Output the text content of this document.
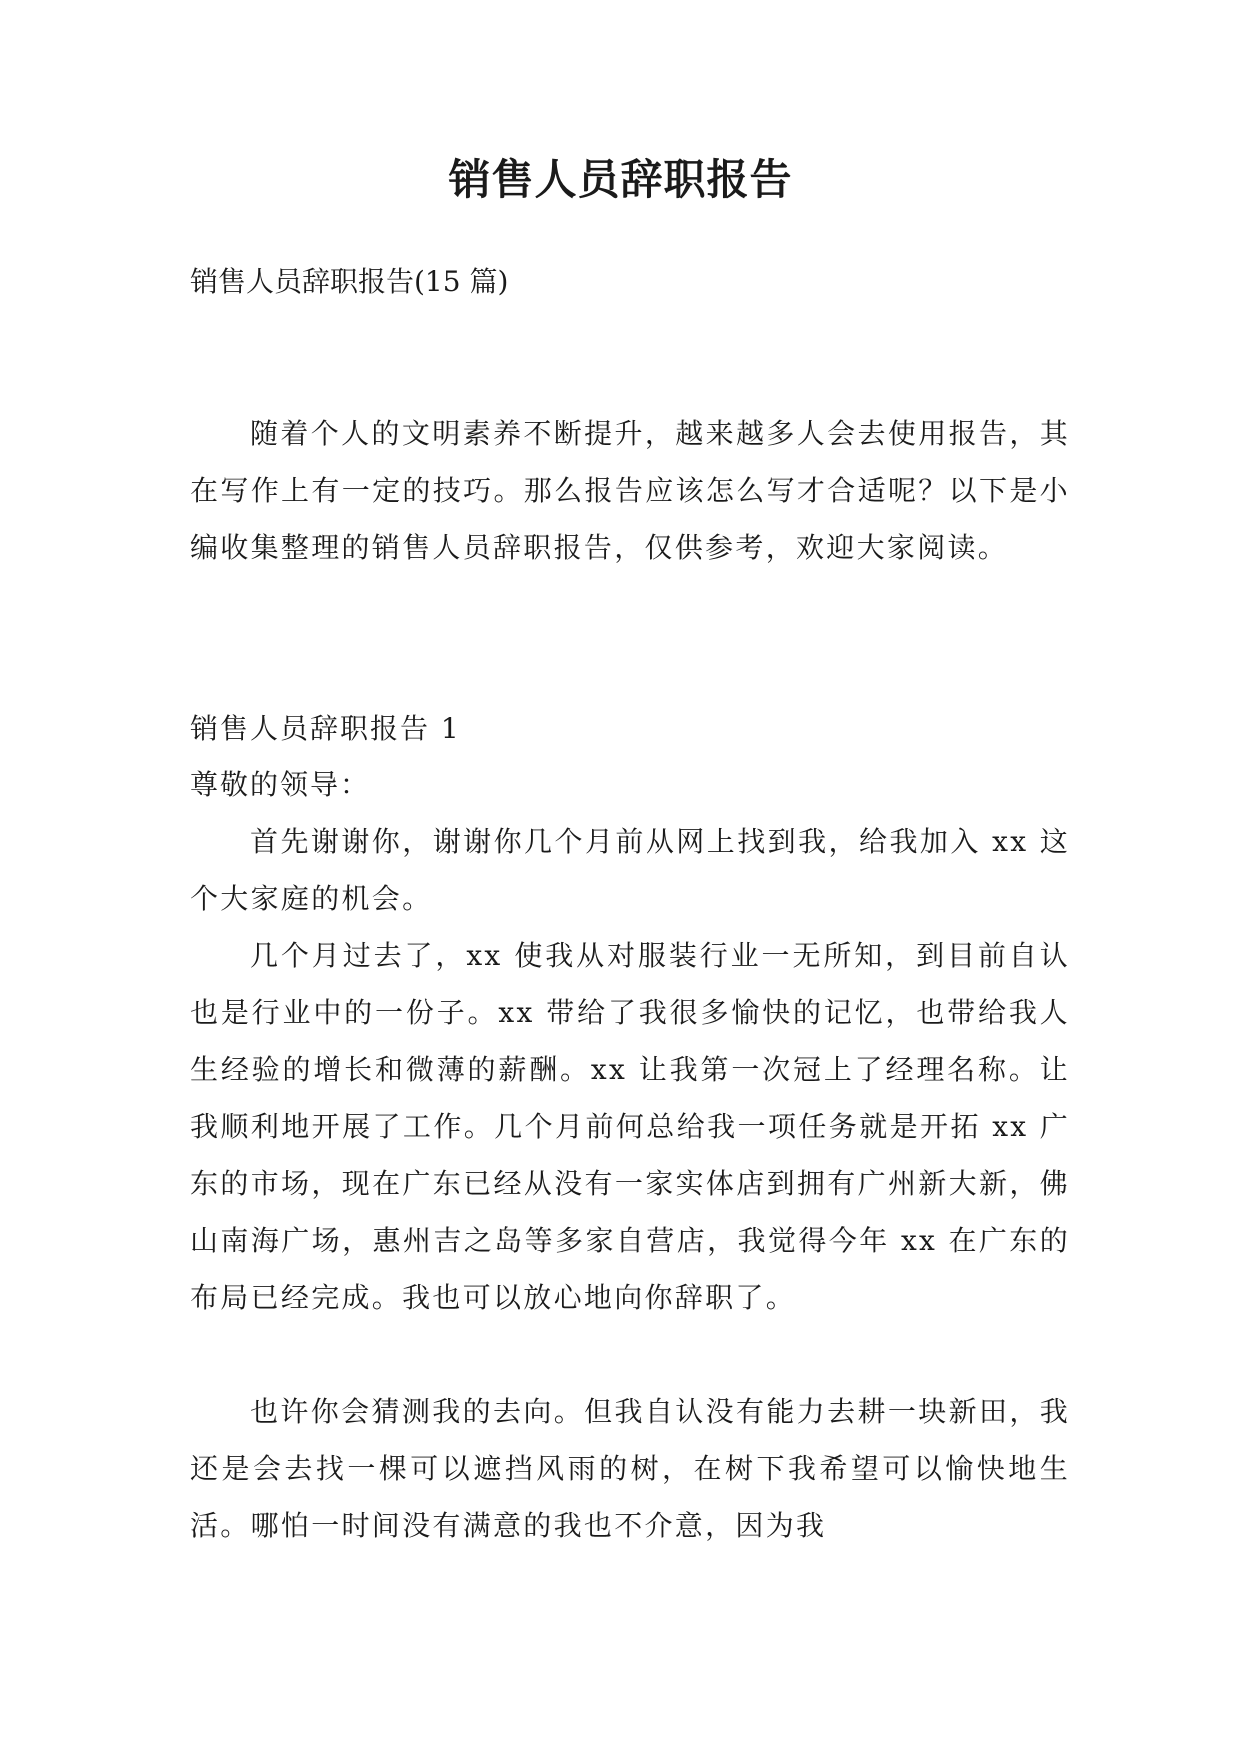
销售人员辞职报告
销售人员辞职报告(15 篇)

随着个人的文明素养不断提升，越来越多人会去使用报告，其在写作上有一定的技巧。那么报告应该怎么写才合适呢？以下是小编收集整理的销售人员辞职报告，仅供参考，欢迎大家阅读。

销售人员辞职报告 1

尊敬的领导：

首先谢谢你，谢谢你几个月前从网上找到我，给我加入 xx 这个大家庭的机会。

几个月过去了，xx 使我从对服装行业一无所知，到目前自认也是行业中的一份子。xx 带给了我很多愉快的记忆，也带给我人生经验的增长和微薄的薪酬。xx 让我第一次冠上了经理名称。让我顺利地开展了工作。几个月前何总给我一项任务就是开拓 xx 广东的市场，现在广东已经从没有一家实体店到拥有广州新大新，佛山南海广场，惠州吉之岛等多家自营店，我觉得今年 xx 在广东的布局已经完成。我也可以放心地向你辞职了。

也许你会猜测我的去向。但我自认没有能力去耕一块新田，我还是会去找一棵可以遮挡风雨的树，在树下我希望可以愉快地生活。哪怕一时间没有满意的我也不介意，因为我
